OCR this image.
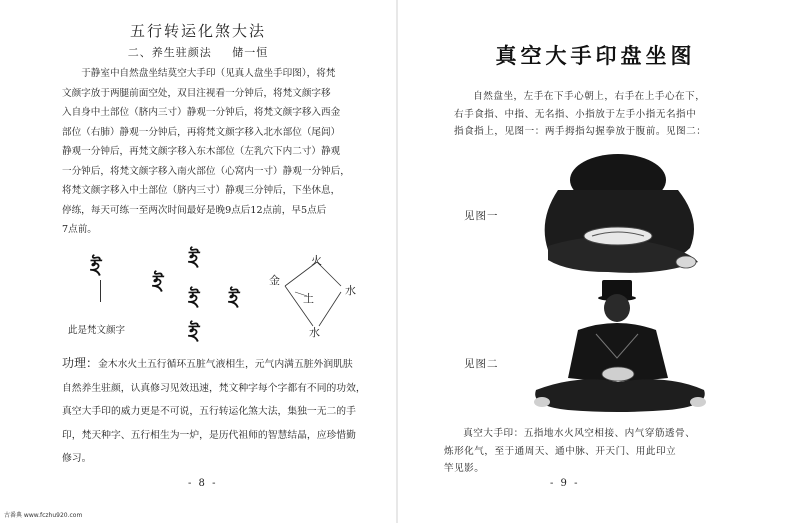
五行转运化煞大法
二、养生驻颜法 储一恒
于静室中自然盘坐结莫空大手印（见真人盘坐手印图），将梵
文颜字放于两腿前面空处，双目注视看一分钟后，将梵文颜字移
入自身中土部位（脐内三寸）静观一分钟后，将梵文颜字移入西金
部位（右肺）静观一分钟后，再将梵文颜字移入北水部位（尾闾）
静观一分钟后，再梵文颜字移入东木部位（左乳穴下内二寸）静观
一分钟后，将梵文颜字移入南火部位（心窝内一寸）静观一分钟后，
将梵文颜字移入中土部位（脐内三寸）静观三分钟后，下坐休息，
停练，每天可练一至两次时间最好是晚9点后12点前，早5点后
7点前。
ই
ই
ই
ই
ই
ই
此是梵文颜字
火
金
土
水
水
功理：金木水火土五行循环五脏气液相生，元气内满五脏外润肌肤
自然养生驻颜，认真修习见效迅速，梵文种字每个字都有不同的功效，
真空大手印的威力更是不可说，五行转运化煞大法，集独一无二的手
印，梵天种字、五行相生为一炉，是历代祖师的智慧结晶，应珍惜勤
修习。
- 8 -
真空大手印盘坐图
自然盘坐，左手在下手心朝上，右手在上手心在下，
右手食指、中指、无名指、小指放于左手小指无名指中
指食指上，见图一：两手拇指勾握拳放于腹前。见图二：
见图一
见图二
真空大手印：五指地水火风空相接、内气穿筋透骨、
炼形化气，至于通周天、通中脉、开天门、用此印立
竿见影。
- 9 -
古番典 www.fczhu920.com
